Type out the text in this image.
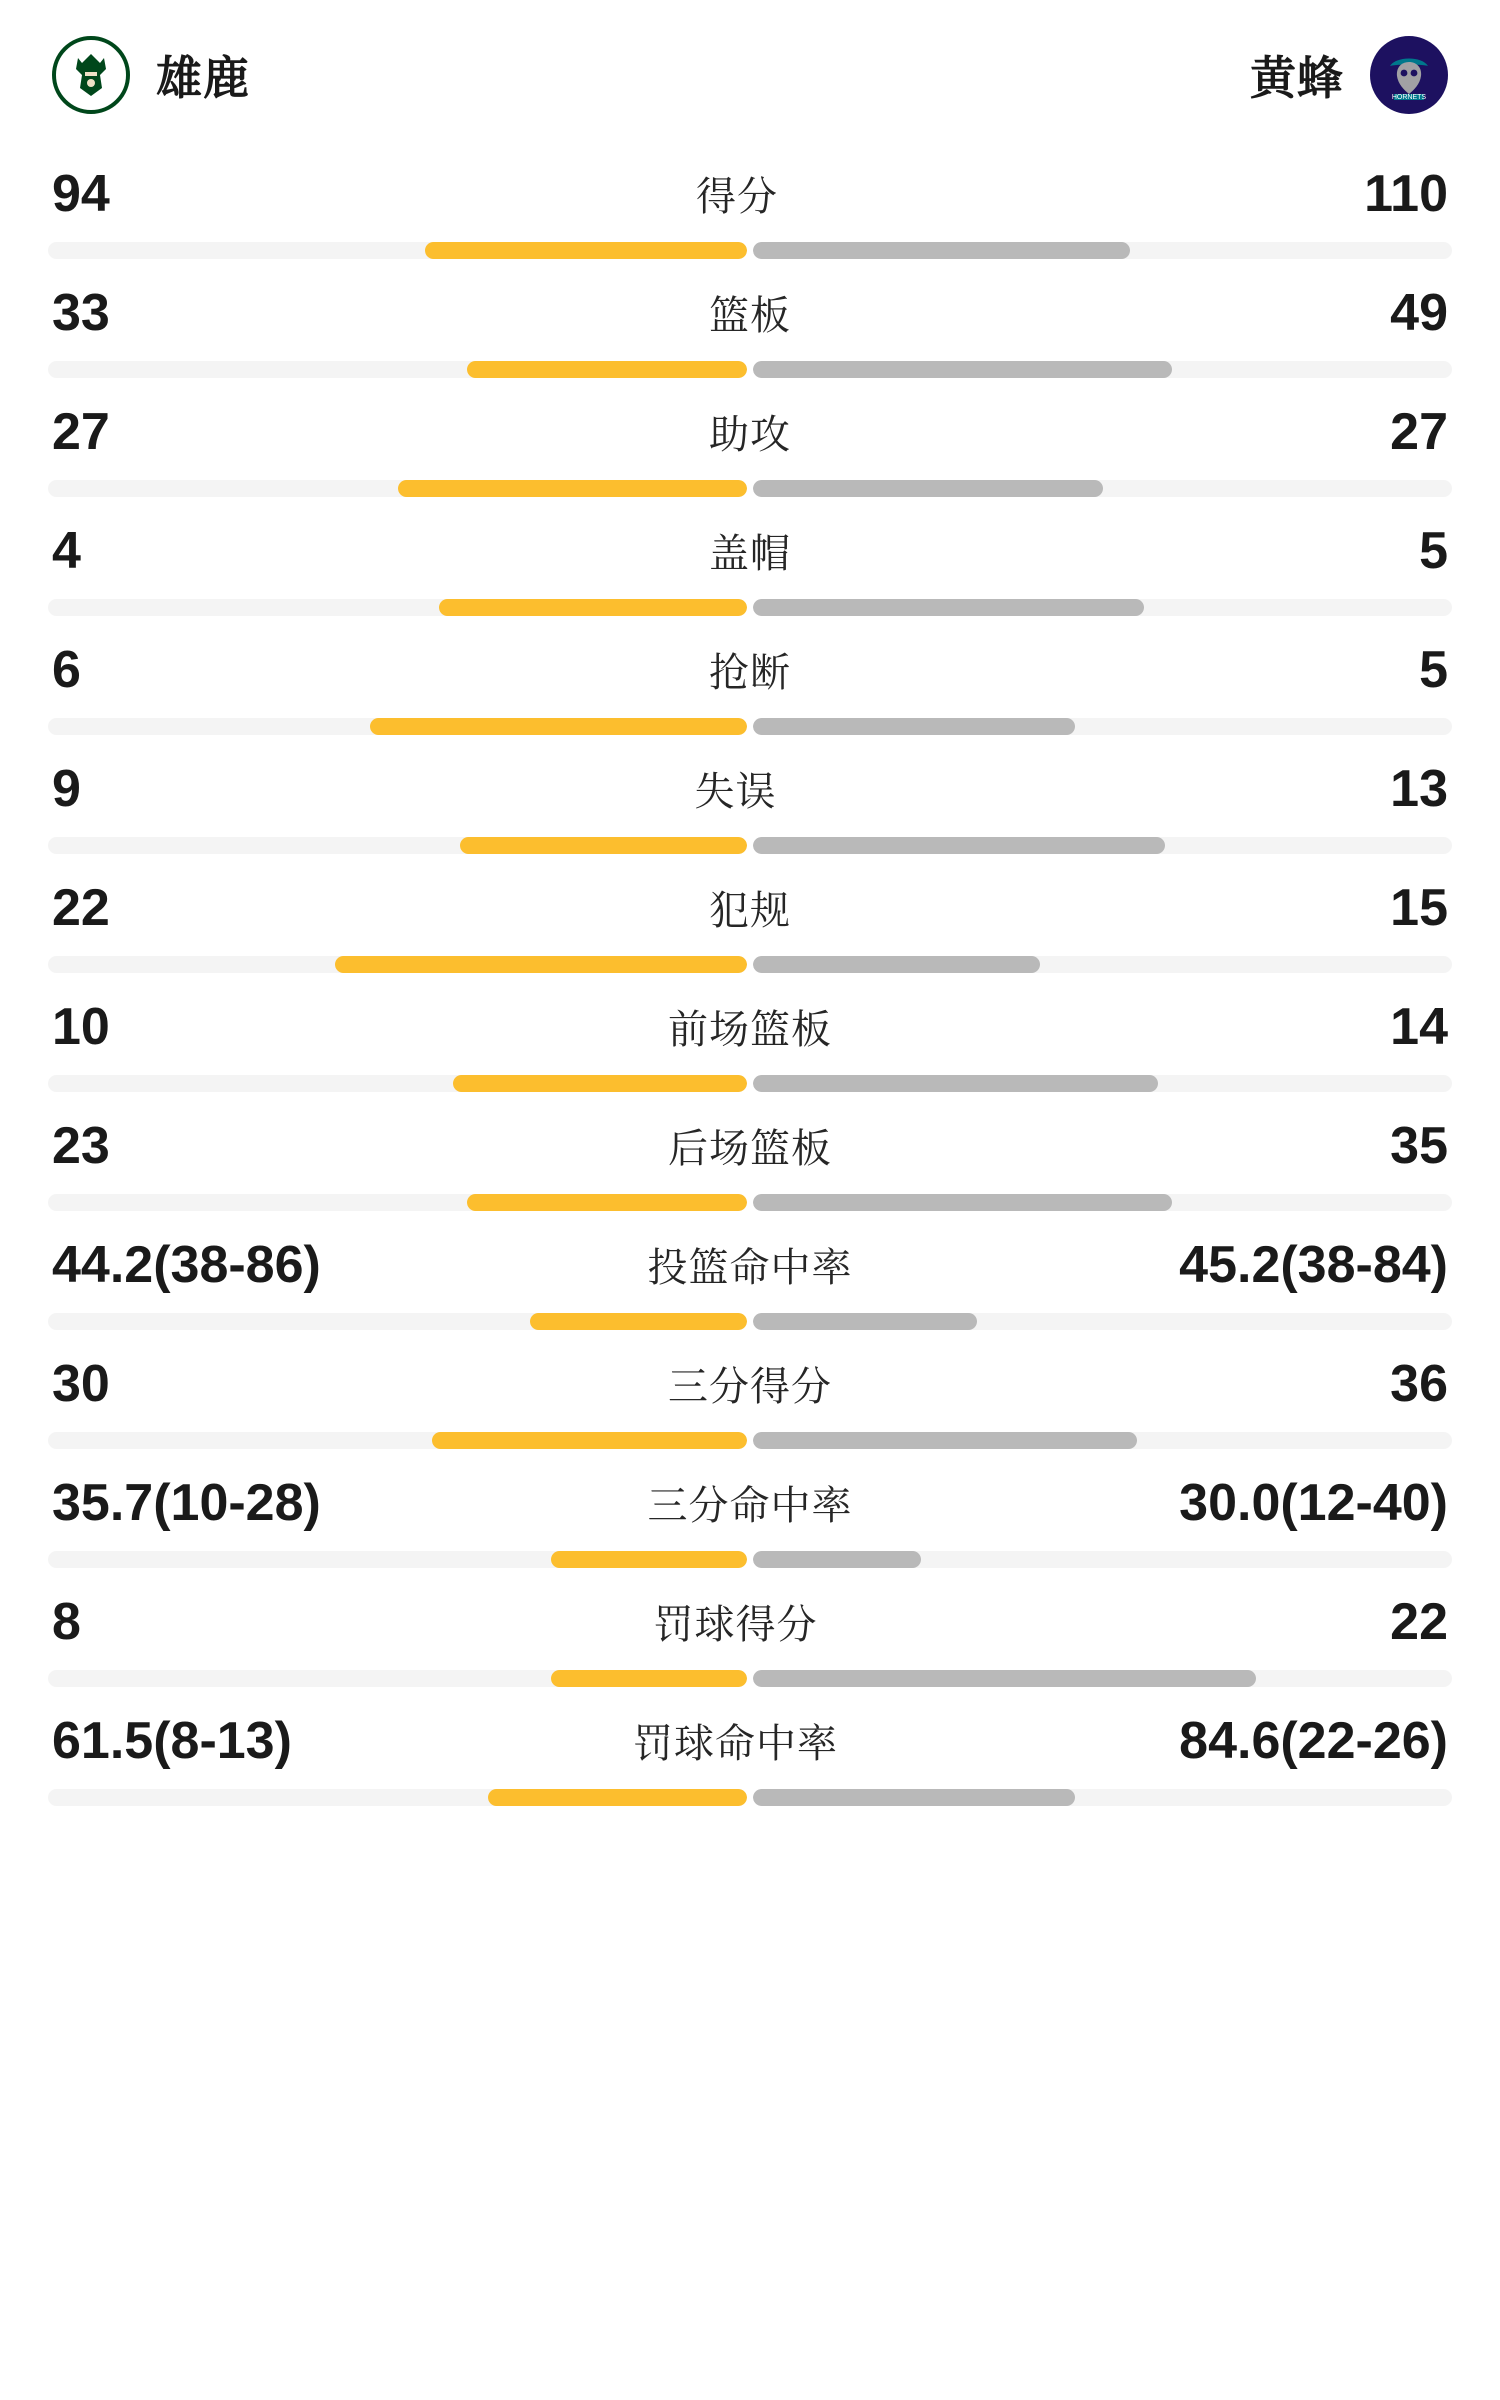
雄鹿	黄蜂	HORNETS
94	得分	110
33	篮板	49
27	助攻	27
4	盖帽	5
6	抢断	5
9	失误	13
22	犯规	15
10	前场篮板	14
23	后场篮板	35
44.2(38-86)	投篮命中率	45.2(38-84)
30	三分得分	36
35.7(10-28)	三分命中率	30.0(12-40)
8	罚球得分	22
61.5(8-13)	罚球命中率	84.6(22-26)
